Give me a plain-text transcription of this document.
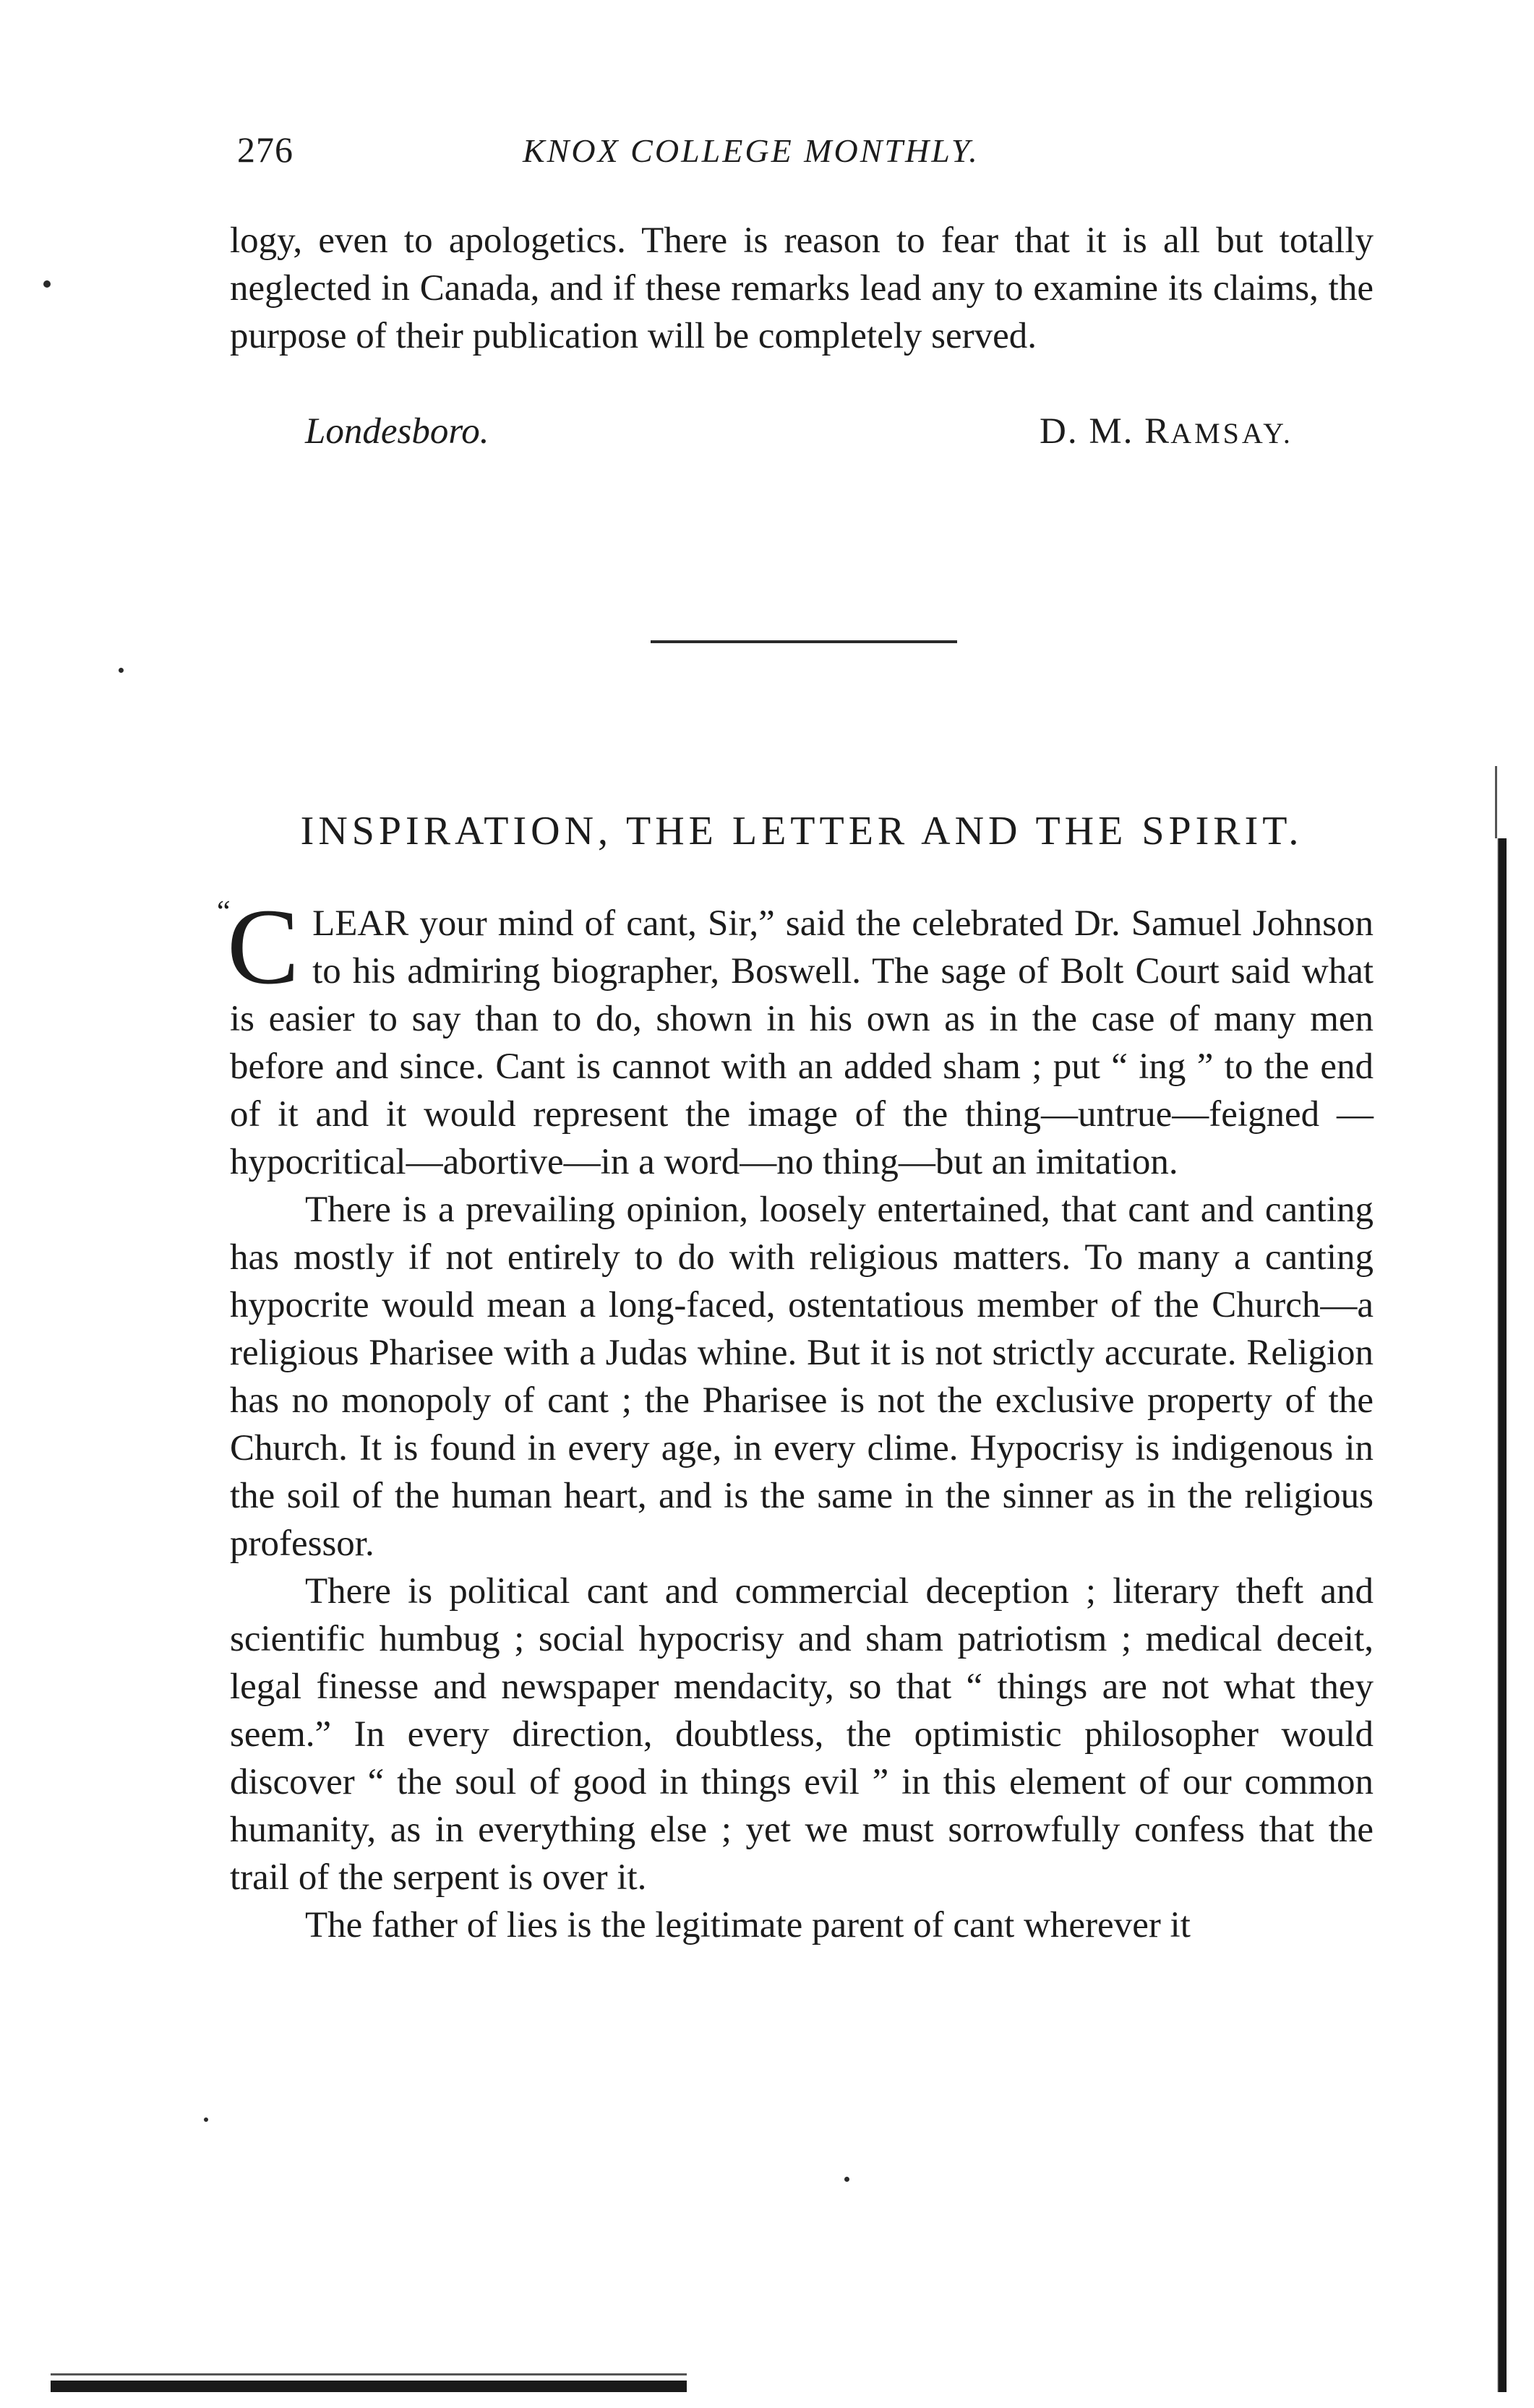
276	KNOX COLLEGE MONTHLY.

logy, even to apologetics. There is reason to fear that it is all but totally neglected in Canada, and if these remarks lead any to examine its claims, the purpose of their publication will be completely served.

Londesboro.	D. M. RAMSAY.
INSPIRATION, THE LETTER AND THE SPIRIT.
“

CLEAR your mind of cant, Sir,” said the celebrated Dr. Samuel Johnson to his admiring biographer, Boswell. The sage of Bolt Court said what is easier to say than to do, shown in his own as in the case of many men before and since. Cant is cannot with an added sham ; put “ ing ” to the end of it and it would represent the image of the thing—untrue—feigned —hypocritical—abortive—in a word—no thing—but an imitation.

There is a prevailing opinion, loosely entertained, that cant and canting has mostly if not entirely to do with religious matters. To many a canting hypocrite would mean a long-faced, ostentatious member of the Church—a religious Pharisee with a Judas whine. But it is not strictly accurate. Religion has no monopoly of cant ; the Pharisee is not the exclusive property of the Church. It is found in every age, in every clime. Hypocrisy is indigenous in the soil of the human heart, and is the same in the sinner as in the religious professor.

There is political cant and commercial deception ; literary theft and scientific humbug ; social hypocrisy and sham patriotism ; medical deceit, legal finesse and newspaper mendacity, so that “ things are not what they seem.” In every direction, doubtless, the optimistic philosopher would discover “ the soul of good in things evil ” in this element of our common humanity, as in everything else ; yet we must sorrowfully confess that the trail of the serpent is over it.

The father of lies is the legitimate parent of cant wherever it
